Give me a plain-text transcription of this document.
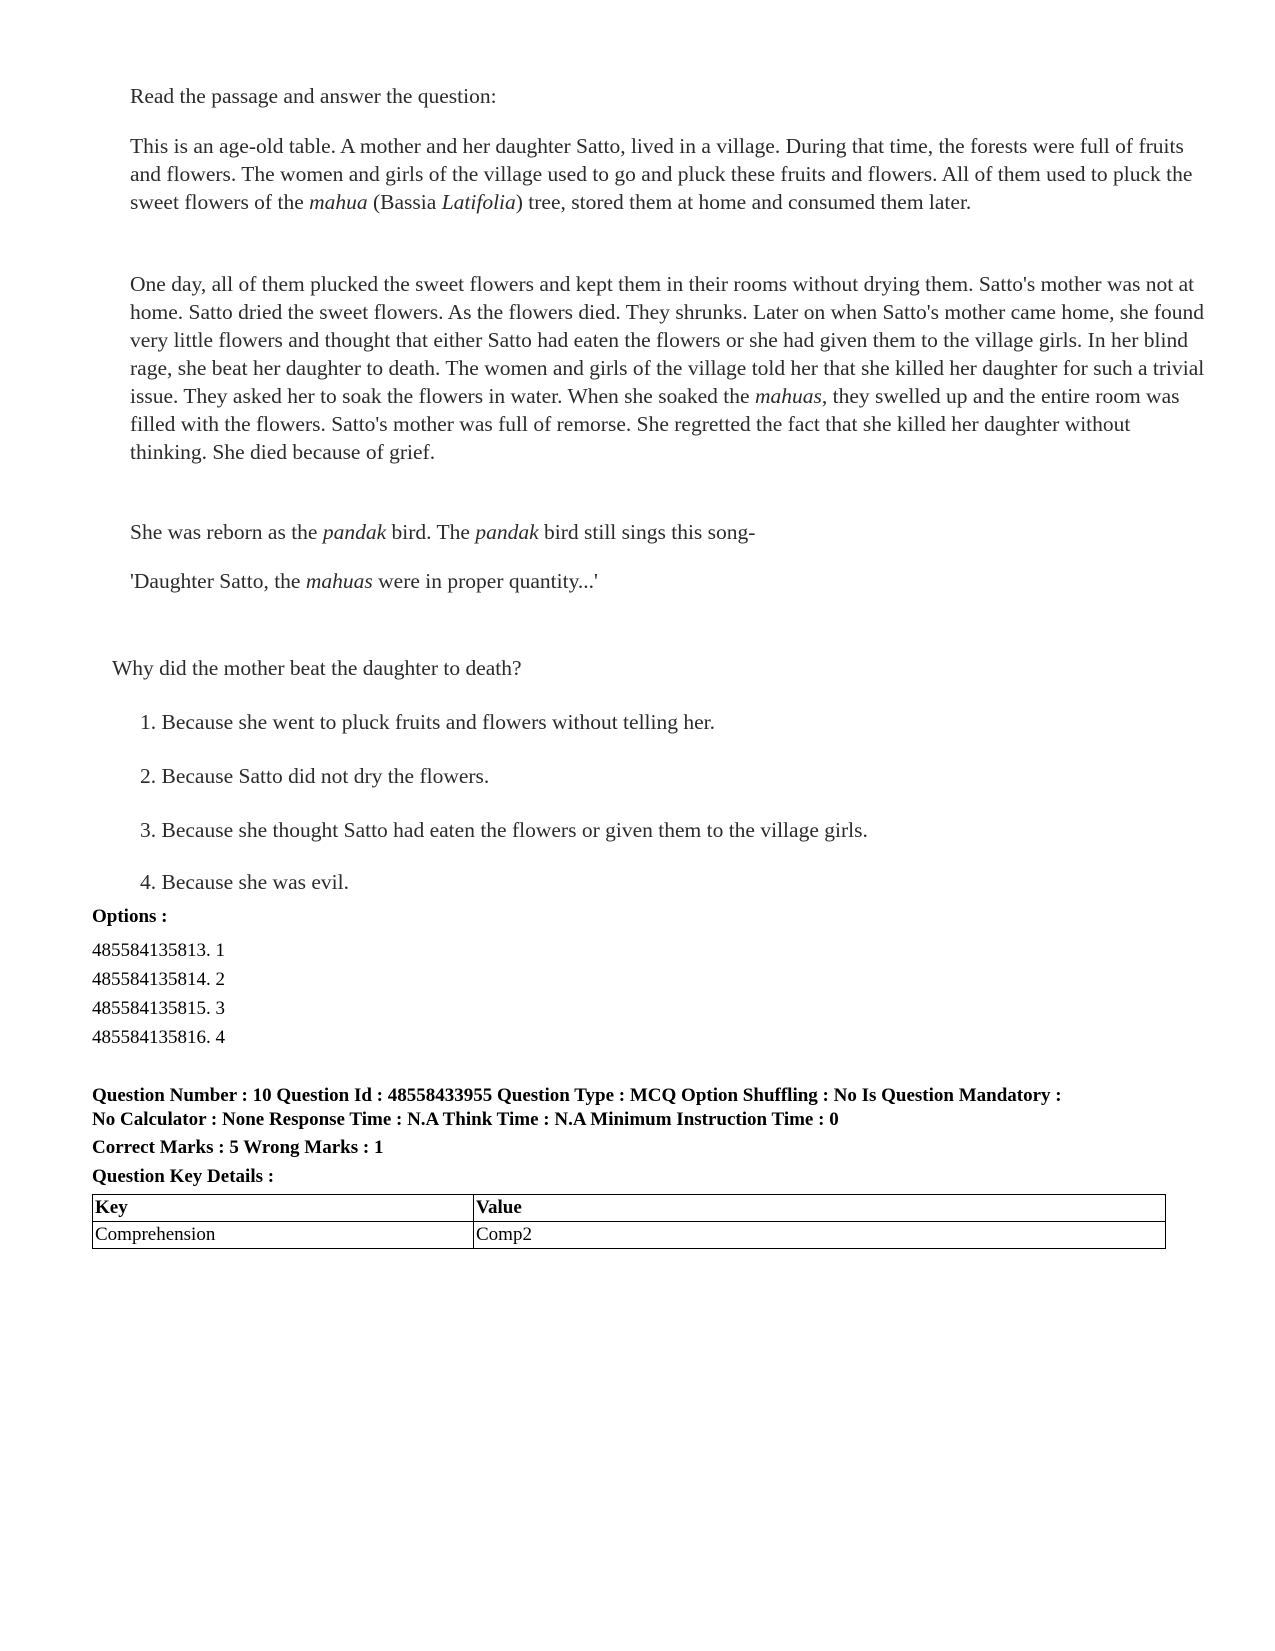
Read the passage and answer the question:

This is an age-old table. A mother and her daughter Satto, lived in a village. During that time, the forests were full of fruits and flowers. The women and girls of the village used to go and pluck these fruits and flowers. All of them used to pluck the sweet flowers of the mahua (Bassia Latifolia) tree, stored them at home and consumed them later.

One day, all of them plucked the sweet flowers and kept them in their rooms without drying them. Satto's mother was not at home. Satto dried the sweet flowers. As the flowers died. They shrunks. Later on when Satto's mother came home, she found very little flowers and thought that either Satto had eaten the flowers or she had given them to the village girls. In her blind rage, she beat her daughter to death. The women and girls of the village told her that she killed her daughter for such a trivial issue. They asked her to soak the flowers in water. When she soaked the mahuas, they swelled up and the entire room was filled with the flowers. Satto's mother was full of remorse. She regretted the fact that she killed her daughter without thinking. She died because of grief.

She was reborn as the pandak bird. The pandak bird still sings this song-

'Daughter Satto, the mahuas were in proper quantity...'

Why did the mother beat the daughter to death?

1. Because she went to pluck fruits and flowers without telling her.

2. Because Satto did not dry the flowers.

3. Because she thought Satto had eaten the flowers or given them to the village girls.

4. Because she was evil.

Options :
485584135813. 1
485584135814. 2
485584135815. 3
485584135816. 4
Question Number : 10 Question Id : 48558433955 Question Type : MCQ Option Shuffling : No Is Question Mandatory :
No Calculator : None Response Time : N.A Think Time : N.A Minimum Instruction Time : 0
Correct Marks : 5 Wrong Marks : 1
Question Key Details :
Key	Value
Comprehension	Comp2
